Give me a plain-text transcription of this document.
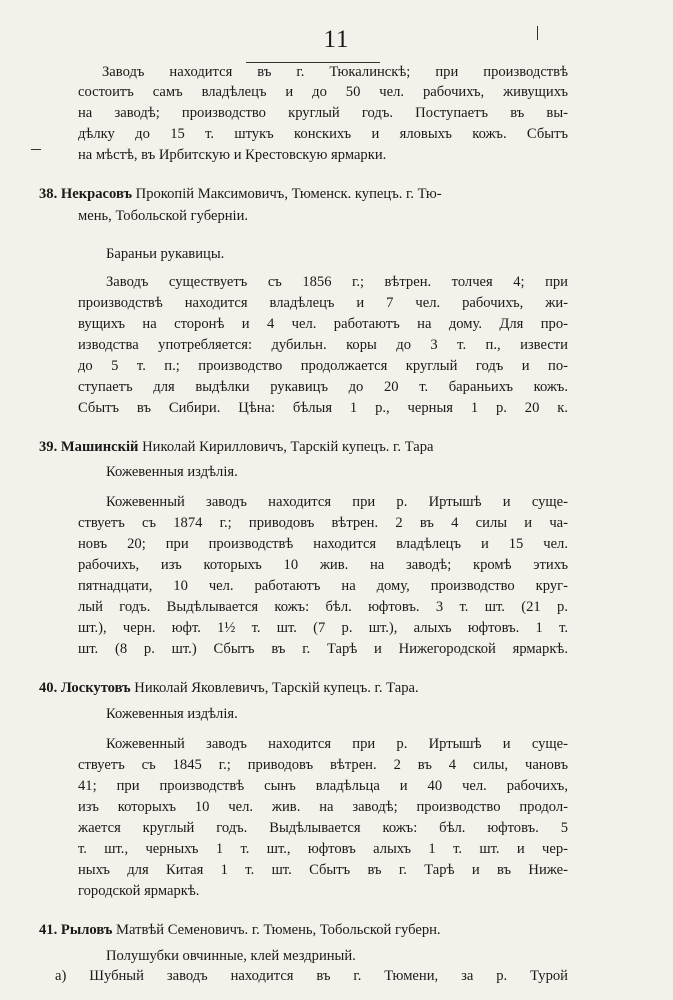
11
Заводъ находится въ г. Тюкалинскѣ; при производствѣ
состоитъ самъ владѣлецъ и до 50 чел. рабочихъ, живущихъ
на заводѣ; производство круглый годъ. Поступаетъ въ вы-
дѣлку до 15 т. штукъ конскихъ и яловыхъ кожъ. Сбытъ
на мѣстѣ, въ Ирбитскую и Крестовскую ярмарки.
38. Некрасовъ Прокопій Максимовичъ, Тюменск. купецъ. г. Тю-
мень, Тобольской губерніи.
Бараньи рукавицы.
Заводъ существуетъ съ 1856 г.; вѣтрен. толчея 4; при
производствѣ находится владѣлецъ и 7 чел. рабочихъ, жи-
вущихъ на сторонѣ и 4 чел. работаютъ на дому. Для про-
изводства употребляется: дубильн. коры до 3 т. п., извести
до 5 т. п.; производство продолжается круглый годъ и по-
ступаетъ для выдѣлки рукавицъ до 20 т. бараньихъ кожъ.
Сбытъ въ Сибири. Цѣна: бѣлыя 1 р., черныя 1 р. 20 к.
39. Машинскій Николай Кирилловичъ, Тарскій купецъ. г. Тара
Кожевенныя издѣлія.
Кожевенный заводъ находится при р. Иртышѣ и суще-
ствуетъ съ 1874 г.; приводовъ вѣтрен. 2 въ 4 силы и ча-
новъ 20; при производствѣ находится владѣлецъ и 15 чел.
рабочихъ, изъ которыхъ 10 жив. на заводѣ; кромѣ этихъ
пятнадцати, 10 чел. работаютъ на дому, производство круг-
лый годъ. Выдѣлывается кожъ: бѣл. юфтовъ. 3 т. шт. (21 р.
шт.), черн. юфт. 1½ т. шт. (7 р. шт.), алыхъ юфтовъ. 1 т.
шт. (8 р. шт.) Сбытъ въ г. Тарѣ и Нижегородской ярмаркѣ.
40. Лоскутовъ Николай Яковлевичъ, Тарскій купецъ. г. Тара.
Кожевенныя издѣлія.
Кожевенный заводъ находится при р. Иртышѣ и суще-
ствуетъ съ 1845 г.; приводовъ вѣтрен. 2 въ 4 силы, чановъ
41; при производствѣ сынъ владѣльца и 40 чел. рабочихъ,
изъ которыхъ 10 чел. жив. на заводѣ; производство продол-
жается круглый годъ. Выдѣлывается кожъ: бѣл. юфтовъ. 5
т. шт., черныхъ 1 т. шт., юфтовъ алыхъ 1 т. шт. и чер-
ныхъ для Китая 1 т. шт. Сбытъ въ г. Тарѣ и въ Ниже-
городской ярмаркѣ.
41. Рыловъ Матвѣй Семеновичъ. г. Тюмень, Тобольской губерн.
Полушубки овчинные, клей мездриный.
а) Шубный заводъ находится въ г. Тюмени, за р. Турой
